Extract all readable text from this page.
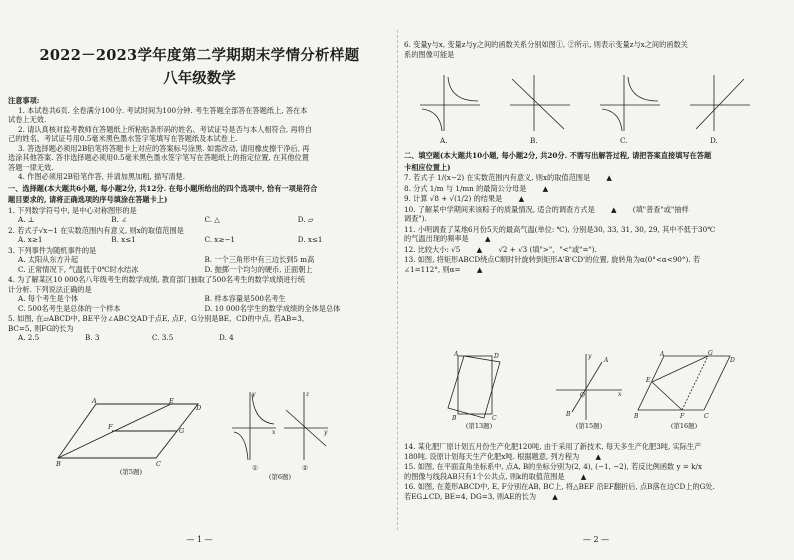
2022－2023学年度第二学期期末学情分析样题
八年级数学
注意事项:
1. 本试卷共6页. 全卷满分100分. 考试时间为100分钟. 考生答题全部答在答题纸上, 答在本
试卷上无效.
2. 请认真核对监考教师在答题纸上所粘贴条形码的姓名、考试证号是否与本人相符合, 再将自
己的姓名、考试证号用0.5毫米黑色墨水签字笔填写在答题纸及本试卷上.
3. 答选择题必须用2B铅笔将答题卡上对应的答案标号涂黑. 如需改动, 请用橡皮擦干净后, 再
选涂其他答案. 答非选择题必须用0.5毫米黑色墨水签字笔写在答题纸上的指定位置, 在其他位置
答题一律无效.
4. 作图必须用2B铅笔作答, 并请加黑加粗, 描写清楚.
一、选择题(本大题共6小题, 每小题2分, 共12分. 在每小题所给出的四个选项中, 恰有一项是符合
题目要求的, 请将正确选项的序号填涂在答题卡上)
1. 下列数学符号中, 是中心对称图形的是
A. ⊥	B. ∠	C. △	D. ▱
2. 若式子√x−1 在实数范围内有意义, 则x的取值范围是
A. x≥1	B. x≤1	C. x≥−1	D. x≤1
3. 下列事件为随机事件的是
A. 太阳从东方升起	B. 一个三角形中有三边长到5 m高
C. 正常情况下, 气温低于0℃时水结冰	D. 抛掷一个均匀的硬币, 正面朝上
4. 为了解某区10 000名八年级考生的数学成绩, 教育部门抽取了500名考生的数学成绩进行统
计分析. 下列说法正确的是
A. 每个考生是个体	B. 样本容量是500名考生
C. 500名考生是总体的一个样本	D. 10 000名学生的数学成绩的全体是总体
5. 如图, 在▱ABCD中, BE平分∠ABC交AD于点E, 点F、G分别是BE、CD的中点, 若AB=3,
BC=5, 则FG的长为
A. 2.5	B. 3	C. 3.5	D. 4
A
D
B	C
F	G
E
(第5题)
x
y
y
z
①	②
(第6题)
— 1 —
6. 变量y与x, 变量z与y之间的函数关系分别如图①, ②所示, 则表示变量z与x之间的函数关
系的图像可能是
A.	B.	C.	D.
二、填空题(本大题共10小题, 每小题2分, 共20分. 不需写出解答过程, 请把答案直接填写在答题
卡相应位置上)
7. 若式子 1/(x−2) 在实数范围内有意义, 则x的取值范围是 ▲
8. 分式 1/m 与 1/mn 的最简公分母是 ▲
9. 计算 √8 + √(1/2) 的结果是 ▲
10. 了解某中学期间来该粽子的质量情况, 适合的调查方式是 ▲ (填"普查"或"抽样
调查").
11. 小明调查了某地6月份5天的最高气温(单位: ℃), 分别是30, 33, 31, 30, 29, 其中不低于30℃
的气温出现的频率是 ▲
12. 比较大小: √5 ▲ √2 + √3 (填">"、"<"或"=").
13. 如图, 将矩形ABCD绕点C顺时针旋转到矩形A'B'CD'的位置, 旋转角为α(0°<α<90°). 若
∠1=112°, 则α= ▲
A	D
B	C
(第13题)
A
B
x
y
O
(第15题)
A
D
B	C
E
F
G
(第16题)
14. 某化肥厂原计划五月份生产化肥120吨, 由于采用了新技术, 每天多生产化肥3吨, 实际生产
180吨. 设原计划每天生产化肥x吨. 根据题意, 列方程为 ▲
15. 如图, 在平面直角坐标系中, 点A, B的坐标分别为(2, 4), (−1, −2), 若反比例函数 y = k/x
的图像与线段AB只有1个公共点, 则k的取值范围是 ▲
16. 如图, 在菱形ABCD中, E, F分别在AB, BC上, 将△BEF 沿EF翻折后, 点B落在边CD上的G处.
若EG⊥CD, BE=4, DG=3, 则AE的长为 ▲
— 2 —
